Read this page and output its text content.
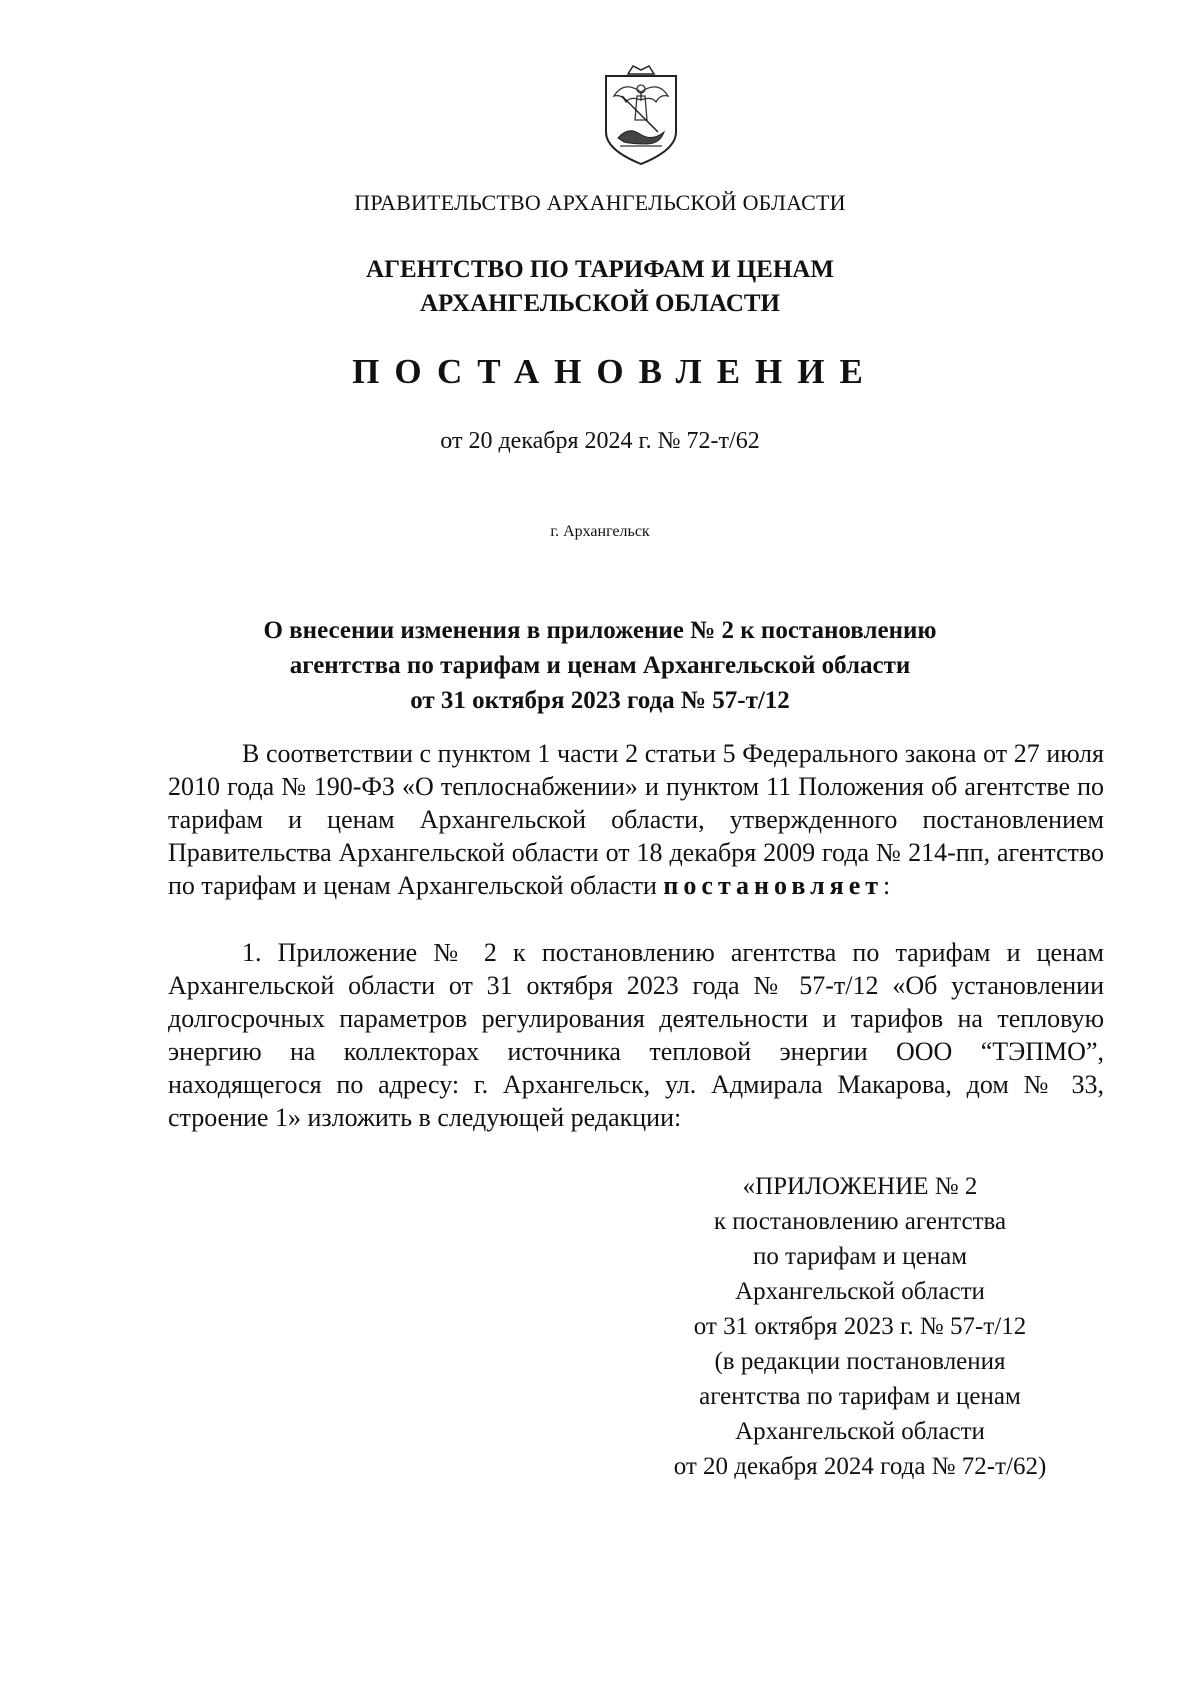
ПРАВИТЕЛЬСТВО АРХАНГЕЛЬСКОЙ ОБЛАСТИ
АГЕНТСТВО ПО ТАРИФАМ И ЦЕНАМ
АРХАНГЕЛЬСКОЙ ОБЛАСТИ
ПОСТАНОВЛЕНИЕ
от 20 декабря 2024 г. № 72-т/62
г. Архангельск
О внесении изменения в приложение № 2 к постановлению
агентства по тарифам и ценам Архангельской области
от 31 октября 2023 года № 57-т/12

В соответствии с пунктом 1 части 2 статьи 5 Федерального закона от 27 июля 2010 года № 190-ФЗ «О теплоснабжении» и пунктом 11 Положения об агентстве по тарифам и ценам Архангельской области, утвержденного постановлением Правительства Архангельской области от 18 декабря 2009 года № 214-пп, агентство по тарифам и ценам Архангельской области постановляет:

1. Приложение № 2 к постановлению агентства по тарифам и ценам Архангельской области от 31 октября 2023 года № 57-т/12 «Об установлении долгосрочных параметров регулирования деятельности и тарифов на тепловую энергию на коллекторах источника тепловой энергии ООО “ТЭПМО”, находящегося по адресу: г. Архангельск, ул. Адмирала Макарова, дом № 33, строение 1» изложить в следующей редакции:

«ПРИЛОЖЕНИЕ № 2
к постановлению агентства
по тарифам и ценам
Архангельской области
от 31 октября 2023 г. № 57-т/12
(в редакции постановления
агентства по тарифам и ценам
Архангельской области
от 20 декабря 2024 года № 72-т/62)
